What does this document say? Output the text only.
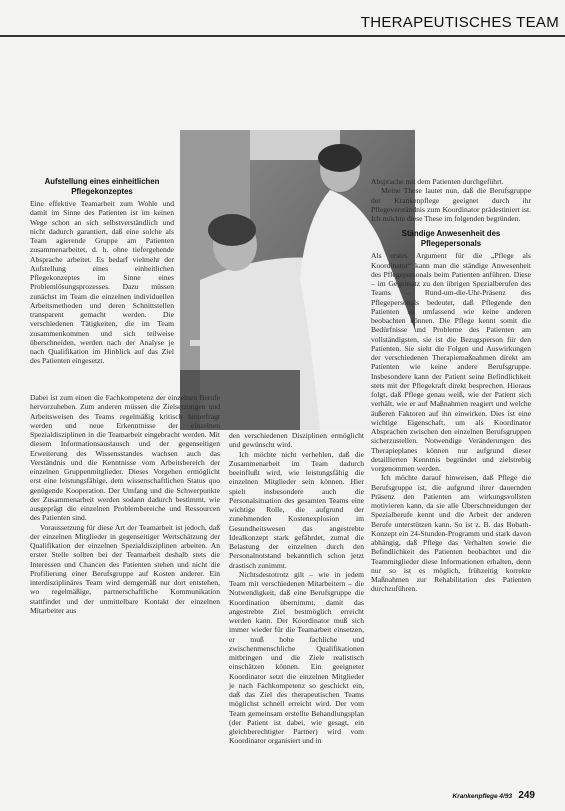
THERAPEUTISCHES TEAM
Aufstellung eines einheitlichen Pflegekonzeptes

Eine effektive Teamarbeit zum Wohle und damit im Sinne des Patienten ist im keinen Wege schon an sich selbstverständlich und nicht dadurch garantiert, daß eine solche als Team agierende Gruppe am Patienten zusammenarbeitet, d. h. ohne tiefergehende Absprache arbeitet. Es bedarf vielmehr der Aufstellung eines einheitlichen Pflegekonzeptes im Sinne eines Problemlösungsprozesses. Dazu müssen zunächst im Team die einzelnen individuellen Arbeitsmethoden und deren Schnittstellen transparent gemacht werden. Die verschiedenen Tätigkeiten, die im Team zusammenkommen und sich teilweise überschneiden, werden nach der Analyse je nach Qualifikation im Hinblick auf das Ziel des Patienten eingesetzt.

Dabei ist zum einen die Fachkompetenz der einzelnen Berufe hervorzuheben. Zum anderen müssen die Zielsetzungen und Arbeitsweisen des Teams regelmäßig kritisch hinterfragt werden und neue Erkenntnisse der einzelnen Spezialdisziplinen in die Teamarbeit eingebracht werden. Mit diesem Informationsaustausch und der gegenseitigen Erweiterung des Wissensstandes wachsen auch das Verständnis und die Kenntnisse vom Arbeitsbereich der einzelnen Gruppenmitglieder. Dieses Vorgehen ermöglicht erst eine leistungsfähige, dem wissenschaftlichen Status quo genügende Kooperation. Der Umfang und die Schwerpunkte der Zusammenarbeit werden sodann dadurch bestimmt, wie ausgeprägt die einzelnen Problembereiche und Ressourcen des Patienten sind.

Voraussetzung für diese Art der Teamarbeit ist jedoch, daß der einzelnen Mitglieder in gegenseitiger Wertschätzung der Qualifikation der einzelnen Spezialdisziplinen arbeiten. An erster Stelle sollten bei der Teamarbeit deshalb stets die Interessen und Chancen des Patienten stehen und nicht die Profilierung einer Berufsgruppe auf Kosten anderer. Ein interdisziplinäres Team wird demgemäß nur dort entstehen, wo regelmäßige, partnerschaftliche Kommunikation stattfindet und der unmittelbare Kontakt der einzelnen Mitarbeiter aus

den verschiedenen Disziplinen ermöglicht und gewünscht wird.

Ich möchte nicht verhehlen, daß die Zusammenarbeit im Team dadurch beeinflußt wird, wie leistungsfähig die einzelnen Mitglieder sein können. Hier spielt insbesondere auch die Personalsituation des gesamten Teams eine wichtige Rolle, die aufgrund der zunehmenden Kostenexplosion im Gesundheitswesen das angestrebte Idealkonzept stark gefährdet, zumal die Belastung der einzelnen durch den Personalnotstand bekanntlich schon jetzt drastisch zunimmt.

Nichtsdestotrotz gilt – wie in jedem Team mit verschiedenen Mitarbeitern – die Notwendigkeit, daß eine Berufsgruppe die Koordination übernimmt, damit das angestrebte Ziel bestmöglich erreicht werden kann. Der Koordinator muß sich immer wieder für die Teamarbeit einsetzen, er muß hohe fachliche und zwischenmenschliche Qualifikationen mitbringen und die Ziele realistisch einschätzen können. Ein geeigneter Koordinator setzt die einzelnen Mitglieder je nach Fachkompetenz so geschickt ein, daß das Ziel des therapeutischen Teams möglichst schnell erreicht wird. Der vom Team gemeinsam erstellte Behandlungsplan (der Patient ist dabei, wie gesagt, ein gleichberechtigter Partner) wird vom Koordinator organisiert und in

Absprache mit dem Patienten durchgeführt.

Meine These lautet nun, daß die Berufsgruppe der Krankenpflege geeignet durch ihr Pflegeverständnis zum Koordinator prädestiniert ist. Ich möchte diese These im folgenden begründen.

Ständige Anwesenheit des Pflegepersonals

Als erstes Argument für die „Pflege als Koordinator“ kann man die ständige Anwesenheit des Pflegepersonals beim Patienten anführen. Diese – im Gegensatz zu den übrigen Spezialberufen des Teams – Rund-um-die-Uhr-Präsenz des Pflegepersonals bedeutet, daß Pflegende den Patienten so umfassend wie keine anderen beobachten können. Die Pflege kennt somit die Bedürfnisse und Probleme des Patienten am vollständigsten, sie ist die Bezugsperson für den Patienten. Sie sieht die Folgen und Auswirkungen der verschiedenen Therapiemaßnahmen direkt am Patienten wie keine andere Berufsgruppe. Insbesondere kann der Patient seine Befindlichkeit stets mit der Pflegekraft direkt besprechen. Hieraus folgt, daß Pflege genau weiß, wie der Patient sich verhält, wie er auf Maßnahmen reagiert und welche äußeren Faktoren auf ihn einwirken. Dies ist eine wichtige Eigenschaft, um als Koordinator Absprachen zwischen den einzelnen Berufsgruppen sicherzustellen. Notwendige Veränderungen des Therapieplanes können nur aufgrund dieser detaillierten Kenntnis begründet und zielstrebig vorgenommen werden.

Ich möchte darauf hinweisen, daß Pflege die Berufsgruppe ist, die aufgrund ihrer dauernden Präsenz den Patienten am wirkungsvollsten motivieren kann, da sie alle Überschneidungen der Spezialberufe kennt und die Arbeit der anderen Berufe unterstützen kann. So ist z. B. das Bobath-Konzept ein 24-Stunden-Programm und stark davon abhängig, daß Pflege das Verhalten sowie die Befindlichkeit des Patienten beobachtet und die Teammitglieder diese Informationen erhalten, denn nur so ist es möglich, frühzeitig korrekte Maßnahmen zur Rehabilitation des Patienten durchzuführen.

Krankenpflege 4/93 249
